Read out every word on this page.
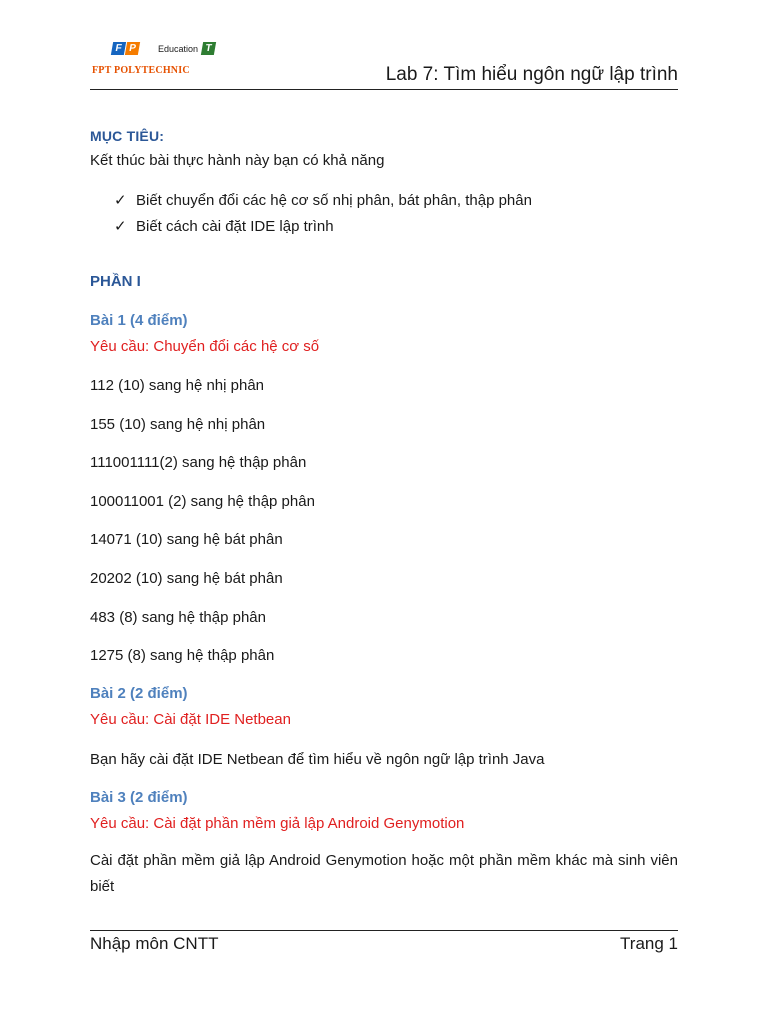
F P	T
Education
FPT POLYTECHNIC	Lab 7: Tìm hiểu ngôn ngữ lập trình
MỤC TIÊU:
Kết thúc bài thực hành này bạn có khả năng
✓ Biết chuyển đổi các hệ cơ số nhị phân, bát phân, thập phân
✓ Biết cách cài đặt IDE lập trình
PHẦN I
Bài 1 (4 điểm)
Yêu cầu: Chuyển đổi các hệ cơ số
112 (10) sang hệ nhị phân
155 (10) sang hệ nhị phân
111001111(2) sang hệ thập phân
100011001 (2) sang hệ thập phân
14071 (10) sang hệ bát phân
20202 (10) sang hệ bát phân
483 (8) sang hệ thập phân
1275 (8) sang hệ thập phân
Bài 2 (2 điểm)
Yêu cầu: Cài đặt IDE Netbean
Bạn hãy cài đặt IDE Netbean để tìm hiểu về ngôn ngữ lập trình Java
Bài 3 (2 điểm)
Yêu cầu: Cài đặt phần mềm giả lập Android Genymotion
Cài đặt phần mềm giả lập Android Genymotion hoặc một phần mềm khác mà sinh viên biết
Nhập môn CNTT	Trang 1
